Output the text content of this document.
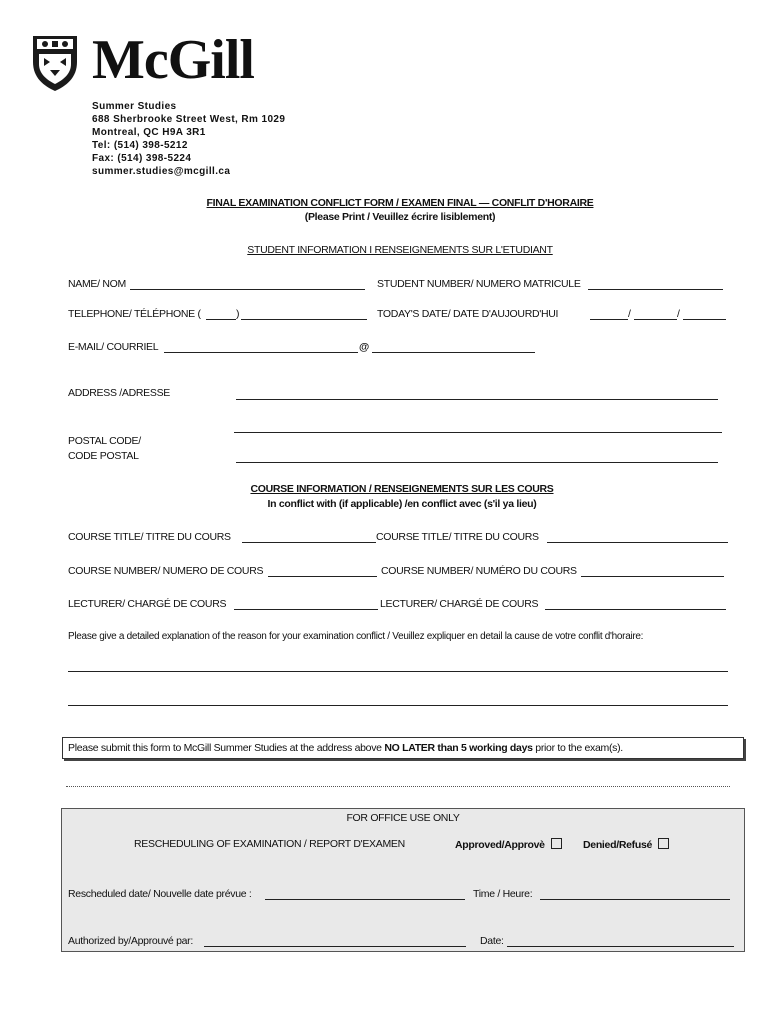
McGill
Summer Studies
688 Sherbrooke Street West, Rm 1029
Montreal, QC H9A 3R1
Tel: (514) 398-5212
Fax: (514) 398-5224
summer.studies@mcgill.ca
FINAL EXAMINATION CONFLICT FORM / EXAMEN FINAL — CONFLIT D'HORAIRE
(Please Print / Veuillez écrire lisiblement)
STUDENT INFORMATION I RENSEIGNEMENTS SUR L'ETUDIANT
NAME/ NOM	STUDENT NUMBER/ NUMERO MATRICULE
TELEPHONE/ TÉLÉPHONE (	)	TODAY'S DATE/ DATE D'AUJOURD'HUI	/	/
E-MAIL/ COURRIEL	@
ADDRESS /ADRESSE
POSTAL CODE/
CODE POSTAL
COURSE INFORMATION / RENSEIGNEMENTS SUR LES COURS
In conflict with (if applicable) /en conflict avec (s'il ya lieu)
COURSE TITLE/ TITRE DU COURS	COURSE TITLE/ TITRE DU COURS
COURSE NUMBER/ NUMERO DE COURS	COURSE NUMBER/ NUMÉRO DU COURS
LECTURER/ CHARGÉ DE COURS	LECTURER/ CHARGÉ DE COURS
Please give a detailed explanation of the reason for your examination conflict / Veuillez expliquer en detail la cause de votre conflit d'horaire:
Please submit this form to McGill Summer Studies at the address above NO LATER than 5 working days prior to the exam(s).
FOR OFFICE USE ONLY
RESCHEDULING OF EXAMINATION / REPORT D'EXAMEN	Approved/Approvè	Denied/Refusé
Rescheduled date/ Nouvelle date prévue :	Time / Heure:
Authorized by/Approuvé par:	Date:
